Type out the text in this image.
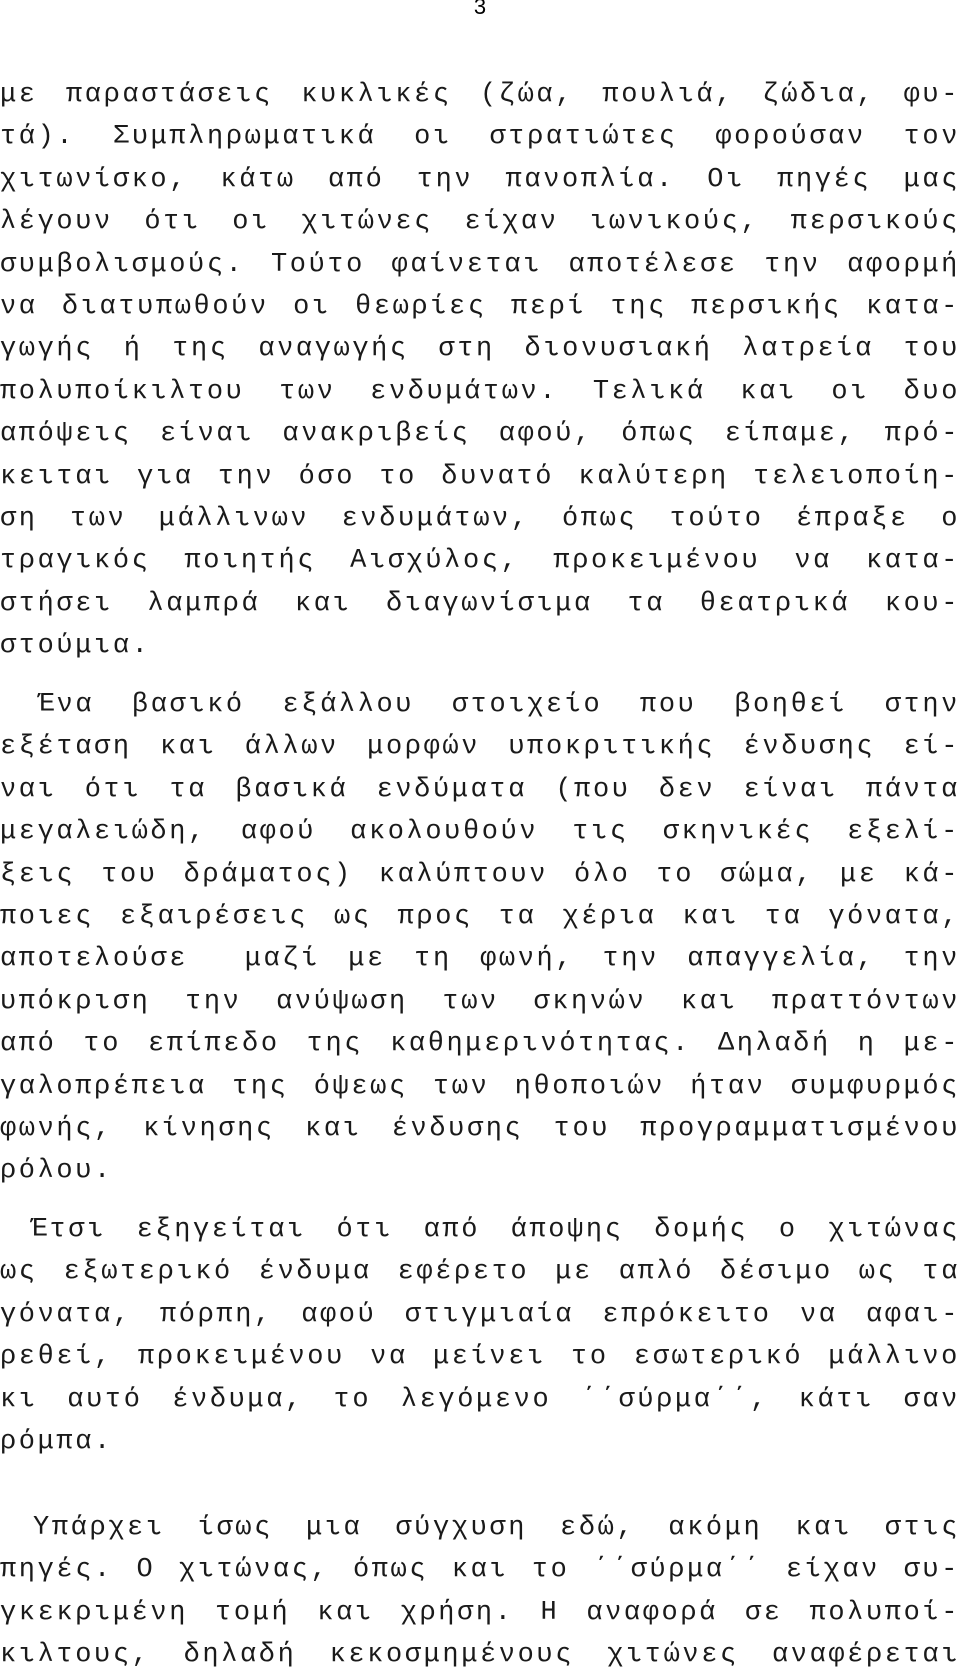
3
με παραστάσεις κυκλικές (ζώα, πουλιά, ζώδια, φυ-
τά). Συμπληρωματικά οι στρατιώτες φορούσαν τον
χιτωνίσκο, κάτω από την πανοπλία. Οι πηγές μας
λέγουν ότι οι χιτώνες είχαν ιωνικούς, περσικούς
συμβολισμούς. Τούτο φαίνεται αποτέλεσε την αφορμή
να διατυπωθούν οι θεωρίες περί της περσικής κατα-
γωγής ή της αναγωγής στη διονυσιακή λατρεία του
πολυποίκιλτου των ενδυμάτων. Τελικά και οι δυο
απόψεις είναι ανακριβείς αφού, όπως είπαμε, πρό-
κειται για την όσο το δυνατό καλύτερη τελειοποίη-
ση των μάλλινων ενδυμάτων, όπως τούτο έπραξε ο
τραγικός ποιητής Αισχύλος, προκειμένου να κατα-
στήσει λαμπρά και διαγωνίσιμα τα θεατρικά κου-
στούμια.
Ένα βασικό εξάλλου στοιχείο που βοηθεί στην
εξέταση και άλλων μορφών υποκριτικής ένδυσης εί-
ναι ότι τα βασικά ενδύματα (που δεν είναι πάντα
μεγαλειώδη, αφού ακολουθούν τις σκηνικές εξελί-
ξεις του δράματος) καλύπτουν όλο το σώμα, με κά-
ποιες εξαιρέσεις ως προς τα χέρια και τα γόνατα,
αποτελούσε  μαζί με τη φωνή, την απαγγελία, την
υπόκριση την ανύψωση των σκηνών και πραττόντων
από το επίπεδο της καθημερινότητας. Δηλαδή η με-
γαλοπρέπεια της όψεως των ηθοποιών ήταν συμφυρμός
φωνής, κίνησης και ένδυσης του προγραμματισμένου
ρόλου.
Έτσι εξηγείται ότι από άποψης δομής ο χιτώνας
ως εξωτερικό ένδυμα εφέρετο με απλό δέσιμο ως τα
γόνατα, πόρπη, αφού στιγμιαία επρόκειτο να αφαι-
ρεθεί, προκειμένου να μείνει το εσωτερικό μάλλινο
κι αυτό ένδυμα, το λεγόμενο ΄΄σύρμα΄΄, κάτι σαν
ρόμπα.
Υπάρχει ίσως μια σύγχυση εδώ, ακόμη και στις
πηγές. Ο χιτώνας, όπως και το ΄΄σύρμα΄΄ είχαν συ-
γκεκριμένη τομή και χρήση. Η αναφορά σε πολυποί-
κιλτους, δηλαδή κεκοσμημένους χιτώνες αναφέρεται
